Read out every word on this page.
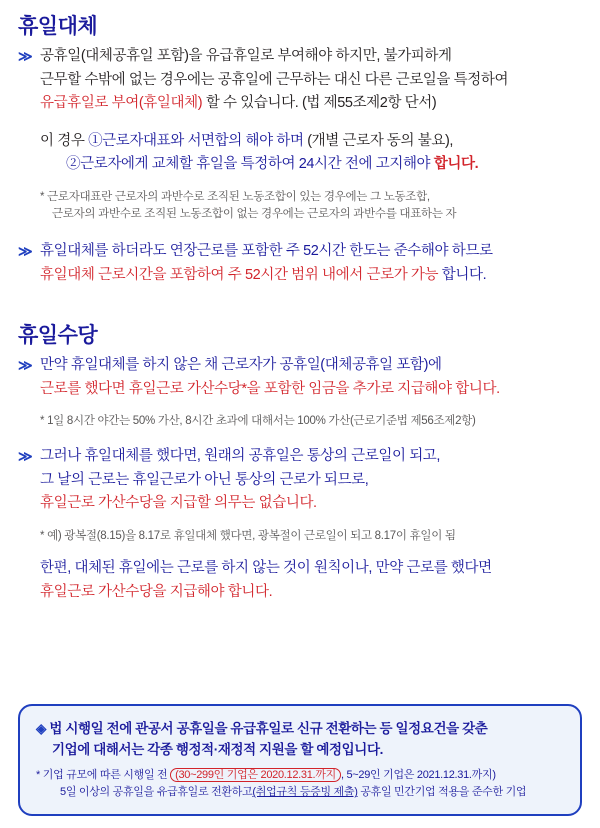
휴일대체
≫ 공휴일(대체공휴일 포함)을 유급휴일로 부여해야 하지만, 불가피하게
근무할 수밖에 없는 경우에는 공휴일에 근무하는 대신 다른 근로일을 특정하여
유급휴일로 부여(휴일대체) 할 수 있습니다. (법 제55조제2항 단서)
이 경우 ①근로자대표와 서면합의 해야 하며 (개별 근로자 동의 불요),
②근로자에게 교체할 휴일을 특정하여 24시간 전에 고지해야 합니다.
* 근로자대표란 근로자의 과반수로 조직된 노동조합이 있는 경우에는 그 노동조합,
근로자의 과반수로 조직된 노동조합이 없는 경우에는 근로자의 과반수를 대표하는 자
≫ 휴일대체를 하더라도 연장근로를 포함한 주 52시간 한도는 준수해야 하므로
휴일대체 근로시간을 포함하여 주 52시간 범위 내에서 근로가 가능 합니다.
휴일수당
≫ 만약 휴일대체를 하지 않은 채 근로자가 공휴일(대체공휴일 포함)에
근로를 했다면 휴일근로 가산수당*을 포함한 임금을 추가로 지급해야 합니다.
* 1일 8시간 야간는 50% 가산, 8시간 초과에 대해서는 100% 가산(근로기준법 제56조제2항)
≫ 그러나 휴일대체를 했다면, 원래의 공휴일은 통상의 근로일이 되고,
그 날의 근로는 휴일근로가 아닌 통상의 근로가 되므로,
휴일근로 가산수당을 지급할 의무는 없습니다.
* 예) 광복절(8.15)을 8.17로 휴일대체 했다면, 광복절이 근로일이 되고 8.17이 휴일이 됨
한편, 대체된 휴일에는 근로를 하지 않는 것이 원칙이나, 만약 근로를 했다면
휴일근로 가산수당을 지급해야 합니다.
◈ 법 시행일 전에 관공서 공휴일을 유급휴일로 신규 전환하는 등 일정요건을 갖춘
기업에 대해서는 각종 행정적·재정적 지원을 할 예정입니다.
* 기업 규모에 따른 시행일 전 (30~299인 기업은 2020.12.31.까지 , 5~29인 기업은 2021.12.31.까지)
5일 이상의 공휴일을 유급휴일로 전환하고(취업규칙 등증빙 제출) 공휴일 민간기업 적용을 준수한 기업
